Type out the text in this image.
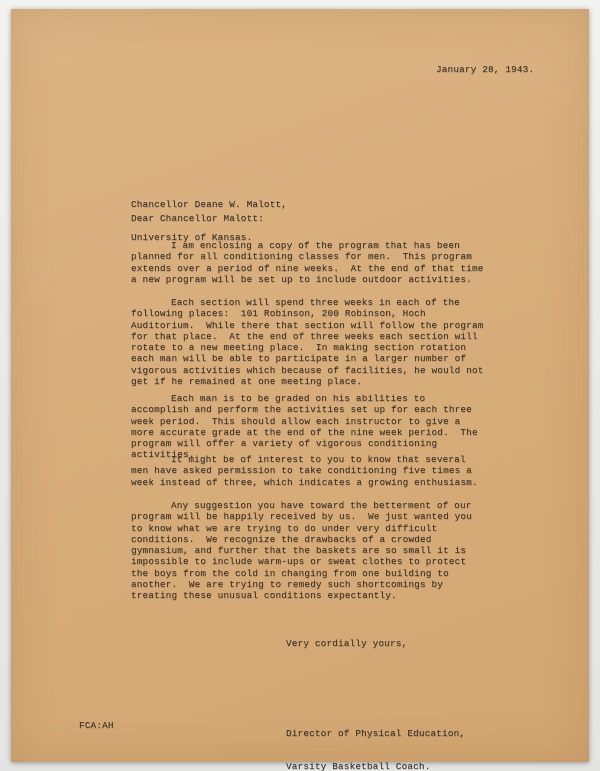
January 28, 1943.

Chancellor Deane W. Malott,

University of Kansas.

Dear Chancellor Malott:

I am enclosing a copy of the program that has been planned for all conditioning classes for men.  This program extends over a period of nine weeks.  At the end of that time a new program will be set up to include outdoor activities.

Each section will spend three weeks in each of the following places:  101 Robinson, 200 Robinson, Hoch Auditorium.  While there that section will follow the program for that place.  At the end of three weeks each section will rotate to a new meeting place.  In making section rotation each man will be able to participate in a larger number of vigorous activities which because of facilities, he would not get if he remained at one meeting place.

Each man is to be graded on his abilities to accomplish and perform the activities set up for each three week period.  This should allow each instructor to give a more accurate grade at the end of the nine week period.  The program will offer a variety of vigorous conditioning activities.

It might be of interest to you to know that several men have asked permission to take conditioning five times a week instead of three, which indicates a growing enthusiasm.

Any suggestion you have toward the betterment of our program will be happily received by us.  We just wanted you to know what we are trying to do under very difficult conditions.  We recognize the drawbacks of a crowded gymnasium, and further that the baskets are so small it is impossible to include warm-ups or sweat clothes to protect the boys from the cold in changing from one building to another.  We are trying to remedy such shortcomings by treating these unusual conditions expectantly.

Very cordially yours,

Director of Physical Education,

Varsity Basketball Coach.

FCA:AH
